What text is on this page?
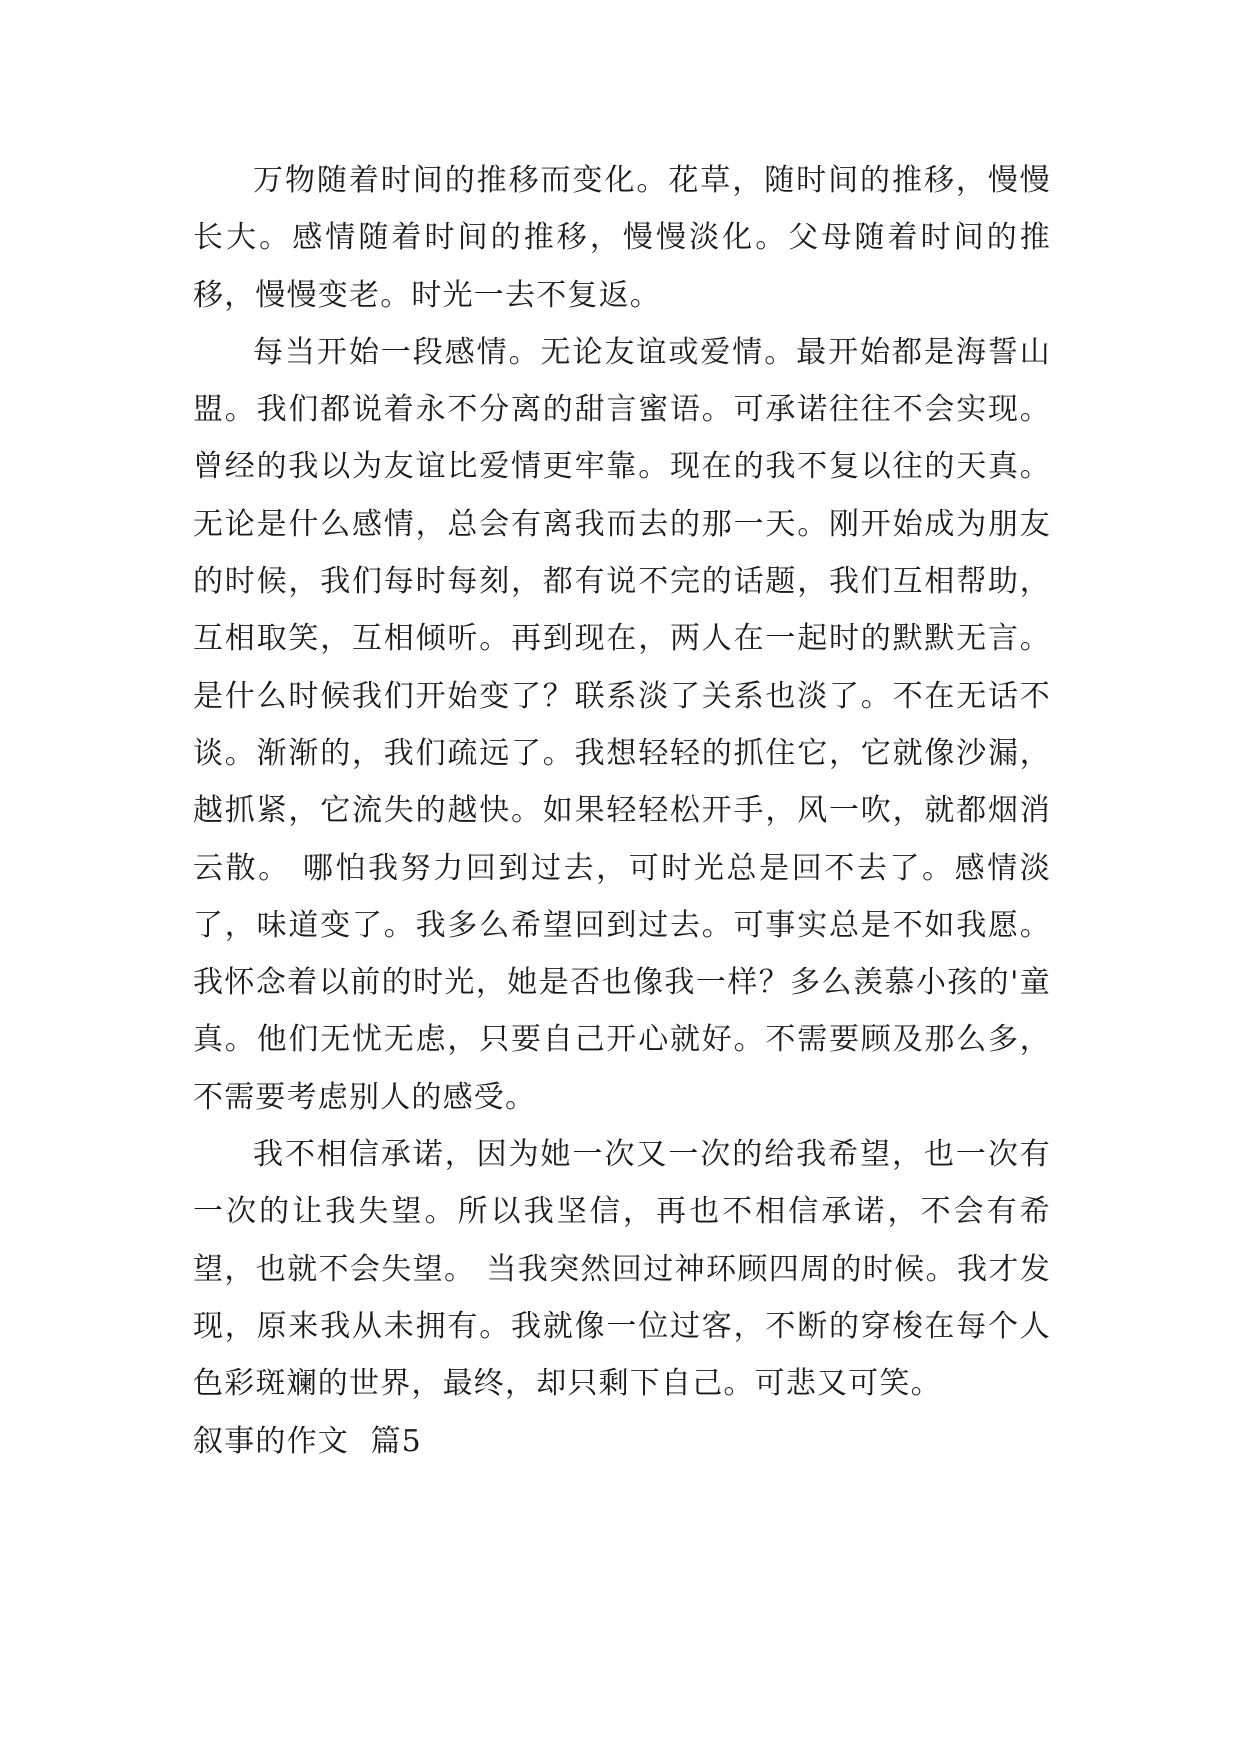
万物随着时间的推移而变化。花草，随时间的推移，慢慢长大。感情随着时间的推移，慢慢淡化。父母随着时间的推移，慢慢变老。时光一去不复返。

每当开始一段感情。无论友谊或爱情。最开始都是海誓山盟。我们都说着永不分离的甜言蜜语。可承诺往往不会实现。 曾经的我以为友谊比爱情更牢靠。现在的我不复以往的天真。无论是什么感情，总会有离我而去的那一天。刚开始成为朋友的时候，我们每时每刻，都有说不完的话题，我们互相帮助，互相取笑，互相倾听。再到现在，两人在一起时的默默无言。 是什么时候我们开始变了？联系淡了关系也淡了。不在无话不谈。渐渐的，我们疏远了。我想轻轻的抓住它，它就像沙漏，越抓紧，它流失的越快。如果轻轻松开手，风一吹，就都烟消云散。 哪怕我努力回到过去，可时光总是回不去了。感情淡了，味道变了。我多么希望回到过去。可事实总是不如我愿。我怀念着以前的时光，她是否也像我一样？多么羡慕小孩的'童真。他们无忧无虑，只要自己开心就好。不需要顾及那么多，不需要考虑别人的感受。

我不相信承诺，因为她一次又一次的给我希望，也一次有一次的让我失望。所以我坚信，再也不相信承诺，不会有希望，也就不会失望。 当我突然回过神环顾四周的时候。我才发现，原来我从未拥有。我就像一位过客，不断的穿梭在每个人色彩斑斓的世界，最终，却只剩下自己。可悲又可笑。

叙事的作文  篇5
